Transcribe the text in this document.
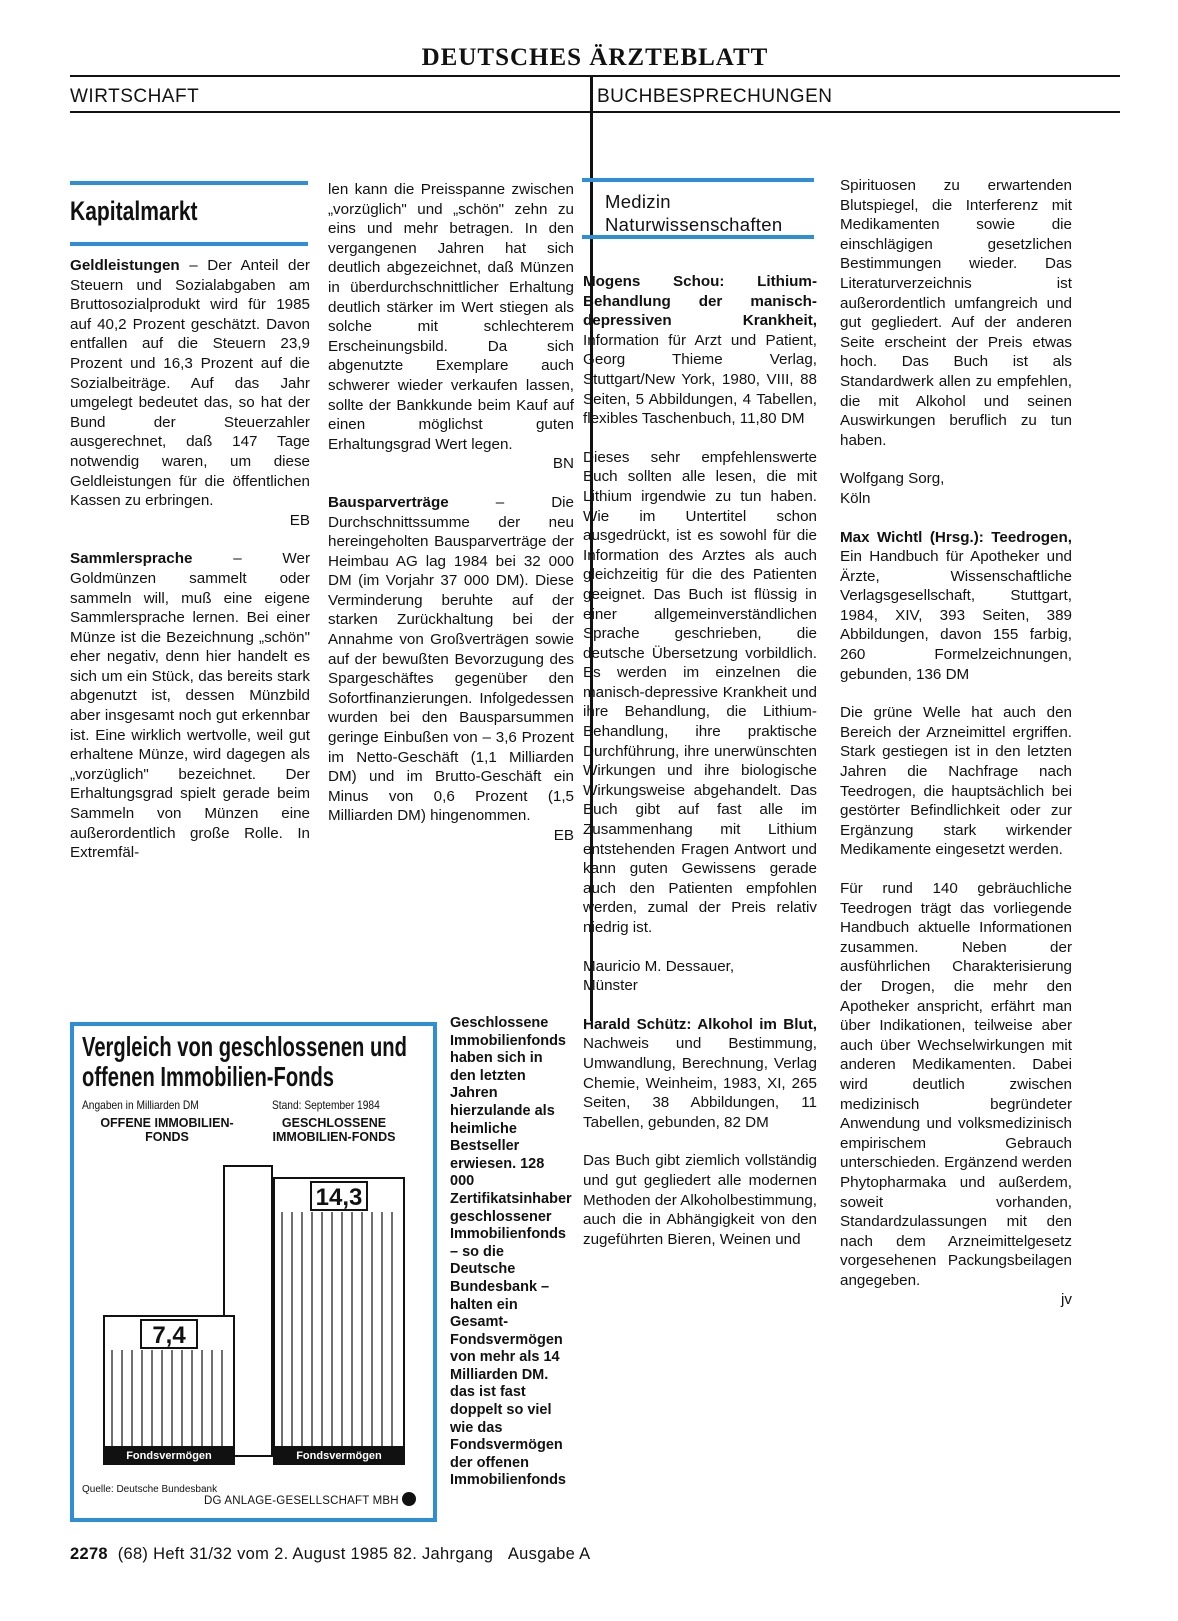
DEUTSCHES ÄRZTEBLATT
WIRTSCHAFT	BUCHBESPRECHUNGEN
Kapitalmarkt

Geldleistungen – Der Anteil der Steuern und Sozialabgaben am Bruttosozialprodukt wird für 1985 auf 40,2 Prozent geschätzt. Davon entfallen auf die Steuern 23,9 Prozent und 16,3 Prozent auf die Sozialbeiträge. Auf das Jahr umgelegt bedeutet das, so hat der Bund der Steuerzahler ausgerechnet, daß 147 Tage notwendig waren, um diese Geldleistungen für die öffentlichen Kassen zu erbringen.
EB

Sammlersprache – Wer Goldmünzen sammelt oder sammeln will, muß eine eigene Sammlersprache lernen. Bei einer Münze ist die Bezeichnung „schön" eher negativ, denn hier handelt es sich um ein Stück, das bereits stark abgenutzt ist, dessen Münzbild aber insgesamt noch gut erkennbar ist. Eine wirklich wertvolle, weil gut erhaltene Münze, wird dagegen als „vorzüglich" bezeichnet. Der Erhaltungsgrad spielt gerade beim Sammeln von Münzen eine außerordentlich große Rolle. In Extremfäl-

len kann die Preisspanne zwischen „vorzüglich" und „schön" zehn zu eins und mehr betragen. In den vergangenen Jahren hat sich deutlich abgezeichnet, daß Münzen in überdurchschnittlicher Erhaltung deutlich stärker im Wert stiegen als solche mit schlechterem Erscheinungsbild. Da sich abgenutzte Exemplare auch schwerer wieder verkaufen lassen, sollte der Bankkunde beim Kauf auf einen möglichst guten Erhaltungsgrad Wert legen.
BN

Bausparverträge – Die Durchschnittssumme der neu hereingeholten Bausparverträge der Heimbau AG lag 1984 bei 32 000 DM (im Vorjahr 37 000 DM). Diese Verminderung beruhte auf der starken Zurückhaltung bei der Annahme von Großverträgen sowie auf der bewußten Bevorzugung des Spargeschäftes gegenüber den Sofortfinanzierungen. Infolgedessen wurden bei den Bausparsummen geringe Einbußen von – 3,6 Prozent im Netto-Geschäft (1,1 Milliarden DM) und im Brutto-Geschäft ein Minus von 0,6 Prozent (1,5 Milliarden DM) hingenommen.
EB

Vergleich von geschlossenen und offenen Immobilien-Fonds
Angaben in Milliarden DM	Stand: September 1984
OFFENE IMMOBILIEN-FONDS
GESCHLOSSENE IMMOBILIEN-FONDS
Fondsvermögen
7,4
Fondsvermögen
14,3
Quelle: Deutsche Bundesbank
DG ANLAGE-GESELLSCHAFT MBH
Geschlossene Immobilienfonds haben sich in den letzten Jahren hierzulande als heimliche Bestseller erwiesen. 128 000 Zertifikatsinhaber geschlossener Immobilienfonds – so die Deutsche Bundesbank – halten ein Gesamt-Fondsvermögen von mehr als 14 Milliarden DM. das ist fast doppelt so viel wie das Fondsvermögen der offenen Immobilienfonds
Medizin
Naturwissenschaften

Mogens Schou: Lithium-Behandlung der manisch-depressiven Krankheit, Information für Arzt und Patient, Georg Thieme Verlag, Stuttgart/New York, 1980, VIII, 88 Seiten, 5 Abbildungen, 4 Tabellen, flexibles Taschenbuch, 11,80 DM

Dieses sehr empfehlenswerte Buch sollten alle lesen, die mit Lithium irgendwie zu tun haben. Wie im Untertitel schon ausgedrückt, ist es sowohl für die Information des Arztes als auch gleichzeitig für die des Patienten geeignet. Das Buch ist flüssig in einer allgemeinverständlichen Sprache geschrieben, die deutsche Übersetzung vorbildlich. Es werden im einzelnen die manisch-depressive Krankheit und ihre Behandlung, die Lithium-Behandlung, ihre praktische Durchführung, ihre unerwünschten Wirkungen und ihre biologische Wirkungsweise abgehandelt. Das Buch gibt auf fast alle im Zusammenhang mit Lithium entstehenden Fragen Antwort und kann guten Gewissens gerade auch den Patienten empfohlen werden, zumal der Preis relativ niedrig ist.

Mauricio M. Dessauer,
Münster

Harald Schütz: Alkohol im Blut, Nachweis und Bestimmung, Umwandlung, Berechnung, Verlag Chemie, Weinheim, 1983, XI, 265 Seiten, 38 Abbildungen, 11 Tabellen, gebunden, 82 DM

Das Buch gibt ziemlich vollständig und gut gegliedert alle modernen Methoden der Alkoholbestimmung, auch die in Abhängigkeit von den zugeführten Bieren, Weinen und

Spirituosen zu erwartenden Blutspiegel, die Interferenz mit Medikamenten sowie die einschlägigen gesetzlichen Bestimmungen wieder. Das Literaturverzeichnis ist außerordentlich umfangreich und gut gegliedert. Auf der anderen Seite erscheint der Preis etwas hoch. Das Buch ist als Standardwerk allen zu empfehlen, die mit Alkohol und seinen Auswirkungen beruflich zu tun haben.

Wolfgang Sorg,
Köln

Max Wichtl (Hrsg.): Teedrogen, Ein Handbuch für Apotheker und Ärzte, Wissenschaftliche Verlagsgesellschaft, Stuttgart, 1984, XIV, 393 Seiten, 389 Abbildungen, davon 155 farbig, 260 Formelzeichnungen, gebunden, 136 DM

Die grüne Welle hat auch den Bereich der Arzneimittel ergriffen. Stark gestiegen ist in den letzten Jahren die Nachfrage nach Teedrogen, die hauptsächlich bei gestörter Befindlichkeit oder zur Ergänzung stark wirkender Medikamente eingesetzt werden.

Für rund 140 gebräuchliche Teedrogen trägt das vorliegende Handbuch aktuelle Informationen zusammen. Neben der ausführlichen Charakterisierung der Drogen, die mehr den Apotheker anspricht, erfährt man über Indikationen, teilweise aber auch über Wechselwirkungen mit anderen Medikamenten. Dabei wird deutlich zwischen medizinisch begründeter Anwendung und volksmedizinisch empirischem Gebrauch unterschieden. Ergänzend werden Phytopharmaka und außerdem, soweit vorhanden, Standardzulassungen mit den nach dem Arzneimittelgesetz vorgesehenen Packungsbeilagen angegeben.
jv

2278 (68) Heft 31/32 vom 2. August 1985 82. Jahrgang Ausgabe A
